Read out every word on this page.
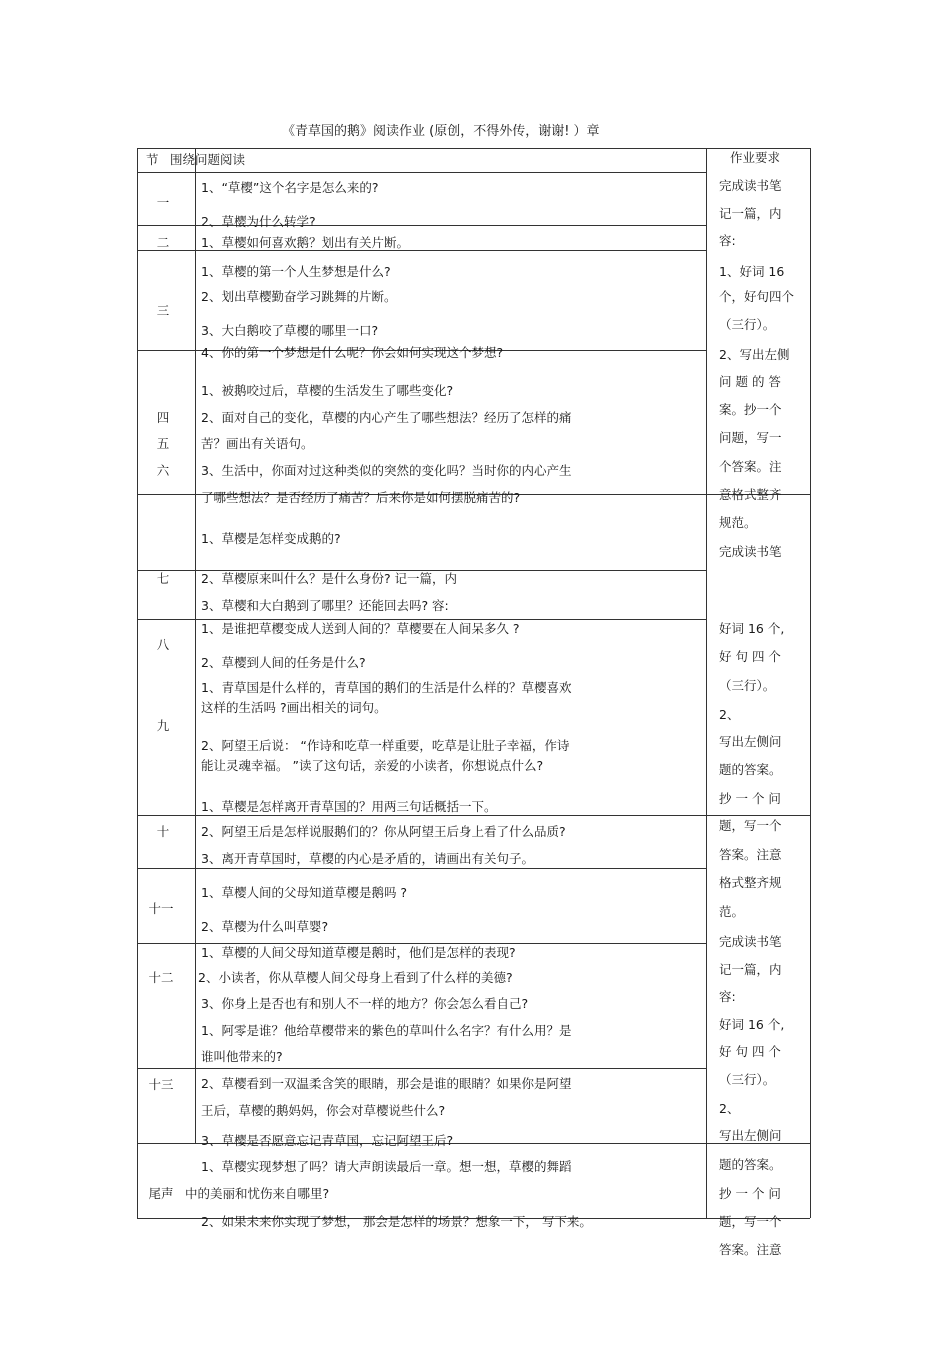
《青草国的鹅》阅读作业 (原创，不得外传，谢谢! ）章
节 围绕问题阅读	作业要求
一
二
三
四
五
六
七
八
九
十
十一
十二
十三
尾声
1、“草樱”这个名字是怎么来的?
2、草樱为什么转学?
1、草樱如何喜欢鹅？划出有关片断。
1、草樱的第一个人生梦想是什么?
2、划出草樱勤奋学习跳舞的片断。
3、大白鹅咬了草樱的哪里一口?
4、你的第一个梦想是什么呢？你会如何实现这个梦想?
1、被鹅咬过后，草樱的生活发生了哪些变化?
2、面对自己的变化，草樱的内心产生了哪些想法？经历了怎样的痛
苦？画出有关语句。
3、生活中，你面对过这种类似的突然的变化吗？当时你的内心产生
了哪些想法？是否经历了痛苦？后来你是如何摆脱痛苦的?
1、草樱是怎样变成鹅的?
2、草樱原来叫什么？是什么身份? 记一篇，内
3、草樱和大白鹅到了哪里？还能回去吗? 容:
1、是谁把草樱变成人送到人间的？草樱要在人间呆多久 ?
2、草樱到人间的任务是什么?
1、青草国是什么样的，青草国的鹅们的生活是什么样的？草樱喜欢
这样的生活吗 ?画出相关的词句。
2、阿望王后说： “作诗和吃草一样重要，吃草是让肚子幸福，作诗
能让灵魂幸福。 ”读了这句话，亲爱的小读者，你想说点什么?
1、草樱是怎样离开青草国的？用两三句话概括一下。
2、阿望王后是怎样说服鹅们的？你从阿望王后身上看了什么品质?
3、离开青草国时，草樱的内心是矛盾的，请画出有关句子。
1、草樱人间的父母知道草樱是鹅吗 ?
2、草樱为什么叫草婴?
1、草樱的人间父母知道草樱是鹅时，他们是怎样的表现?
2、小读者，你从草樱人间父母身上看到了什么样的美德?
3、你身上是否也有和别人不一样的地方？你会怎么看自己?
1、阿零是谁？他给草樱带来的紫色的草叫什么名字？有什么用？是
谁叫他带来的?
2、草樱看到一双温柔含笑的眼睛，那会是谁的眼睛？如果你是阿望
王后，草樱的鹅妈妈，你会对草樱说些什么?
3、草樱是否愿意忘记青草国，忘记阿望王后?
1、草樱实现梦想了吗？请大声朗读最后一章。想一想，草樱的舞蹈
中的美丽和忧伤来自哪里?
2、如果未来你实现了梦想， 那会是怎样的场景？想象一下， 写下来。
完成读书笔
记一篇，内
容:
1、好词 16
个，好句四个
（三行）。
2、写出左侧
问 题 的 答
案。抄一个
问题，写一
个答案。注
意格式整齐
规范。
完成读书笔
好词 16 个,
好 句 四 个
（三行）。
2、
写出左侧问
题的答案。
抄 一 个 问
题，写一个
答案。注意
格式整齐规
范。
完成读书笔
记一篇，内
容:
好词 16 个,
好 句 四 个
（三行）。
2、
写出左侧问
题的答案。
抄 一 个 问
题，写一个
答案。注意
